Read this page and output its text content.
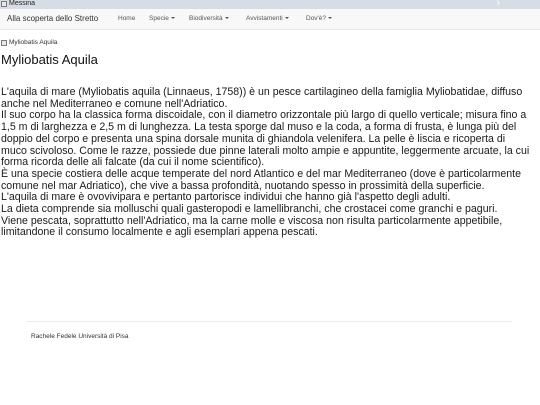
Messina	›
Alla scoperta dello Stretto	Home Specie	Biodiversità	Avvistamenti	Dov'è?
Myliobatis Aquila
Myliobatis Aquila

L'aquila di mare (Myliobatis aquila (Linnaeus, 1758)) è un pesce cartilagineo della famiglia Myliobatidae, diffuso anche nel Mediterraneo e comune nell'Adriatico.

Il suo corpo ha la classica forma discoidale, con il diametro orizzontale più largo di quello verticale; misura fino a 1,5 m di larghezza e 2,5 m di lunghezza. La testa sporge dal muso e la coda, a forma di frusta, è lunga più del doppio del corpo e presenta una spina dorsale munita di ghiandola velenifera. La pelle è liscia e ricoperta di muco scivoloso. Come le razze, possiede due pinne laterali molto ampie e appuntite, leggermente arcuate, la cui forma ricorda delle ali falcate (da cui il nome scientifico).

È una specie costiera delle acque temperate del nord Atlantico e del mar Mediterraneo (dove è particolarmente comune nel mar Adriatico), che vive a bassa profondità, nuotando spesso in prossimità della superficie.

L'aquila di mare è ovovivipara e pertanto partorisce individui che hanno già l'aspetto degli adulti.

La dieta comprende sia molluschi quali gasteropodi e lamellibranchi, che crostacei come granchi e paguri.

Viene pescata, soprattutto nell'Adriatico, ma la carne molle e viscosa non risulta particolarmente appetibile, limitandone il consumo localmente e agli esemplari appena pescati.

Rachele Fedele Università di Pisa
